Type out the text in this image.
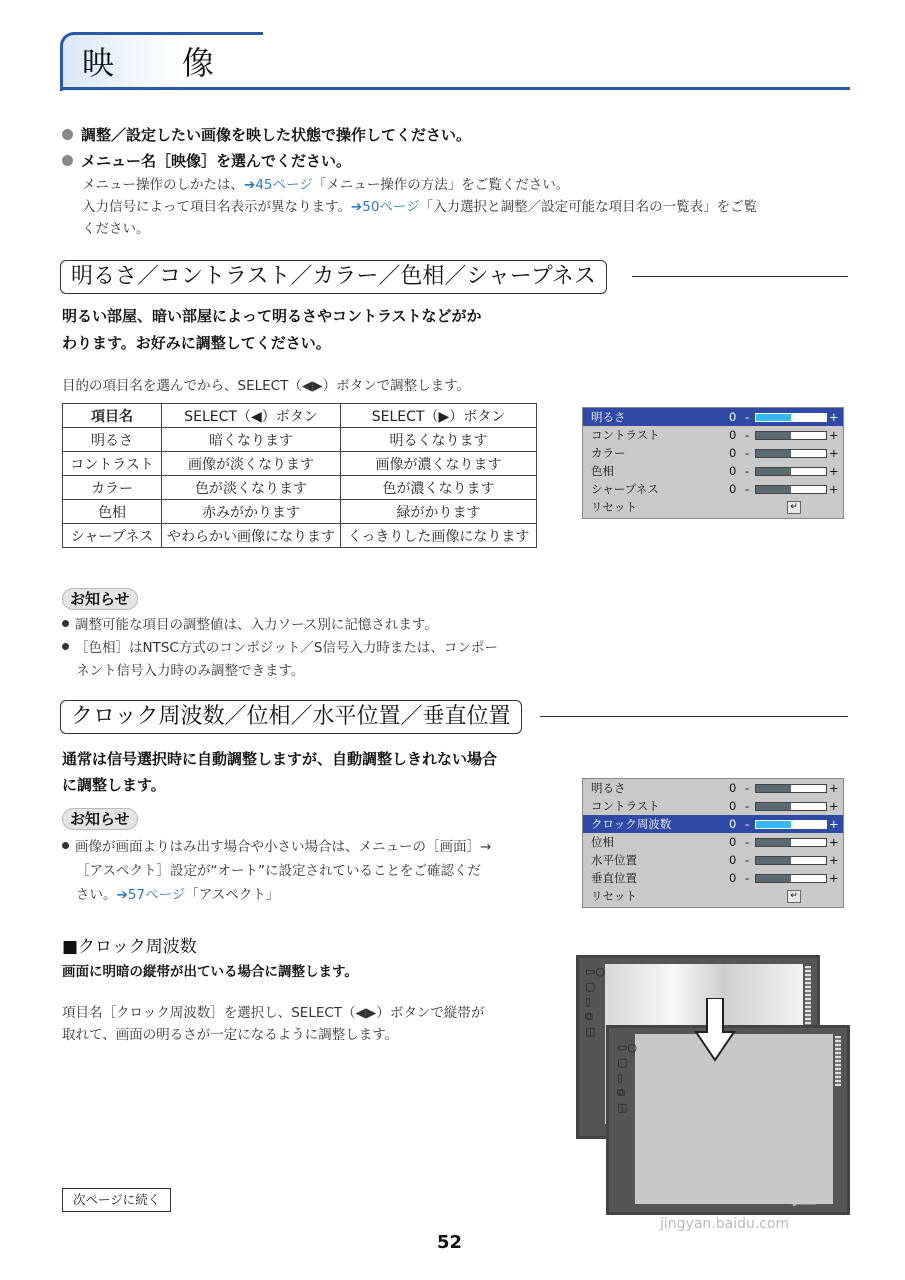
映　像
調整／設定したい画像を映した状態で操作してください。
メニュー名［映像］を選んでください。
メニュー操作のしかたは、➔45ページ「メニュー操作の方法」をご覧ください。
入力信号によって項目名表示が異なります。➔50ページ「入力選択と調整／設定可能な項目名の一覧表」をご覧
ください。
明るさ／コントラスト／カラー／色相／シャープネス
明るい部屋、暗い部屋によって明るさやコントラストなどがか
わります。お好みに調整してください。
目的の項目名を選んでから、SELECT（◀▶）ボタンで調整します。
項目名	SELECT（◀）ボタン	SELECT（▶）ボタン
明るさ	暗くなります	明るくなります
コントラスト	画像が淡くなります	画像が濃くなります
カラー	色が淡くなります	色が濃くなります
色相	赤みがかります	緑がかります
シャープネス	やわらかい画像になります	くっきりした画像になります
明るさ	0 -	+
コントラスト	0 -	+
カラー	0 -	+
色相	0 -	+
シャープネス	0 -	+
リセット	↵
お知らせ
調整可能な項目の調整値は、入力ソース別に記憶されます。
［色相］はNTSC方式のコンポジット／S信号入力時または、コンポー
ネント信号入力時のみ調整できます。
クロック周波数／位相／水平位置／垂直位置
通常は信号選択時に自動調整しますが、自動調整しきれない場合
に調整します。
お知らせ
画像が画面よりはみ出す場合や小さい場合は、メニューの［画面］→
［アスペクト］設定が“オート”に設定されていることをご確認くだ
さい。➔57ページ「アスペクト」
明るさ	0 -	+
コントラスト	0 -	+
クロック周波数	0 -	+
位相	0 -	+
水平位置	0 -	+
垂直位置	0 -	+
リセット	↵
■クロック周波数
画面に明暗の縦帯が出ている場合に調整します。
項目名［クロック周波数］を選択し、SELECT（◀▶）ボタンで縦帯が
取れて、画面の明るさが一定になるように調整します。
▭○
▢
▯
⧉
◫
▭○
▢
▯
⧉
◫
Bai du 经验
jingyan.baidu.com
次ページに続く
52
